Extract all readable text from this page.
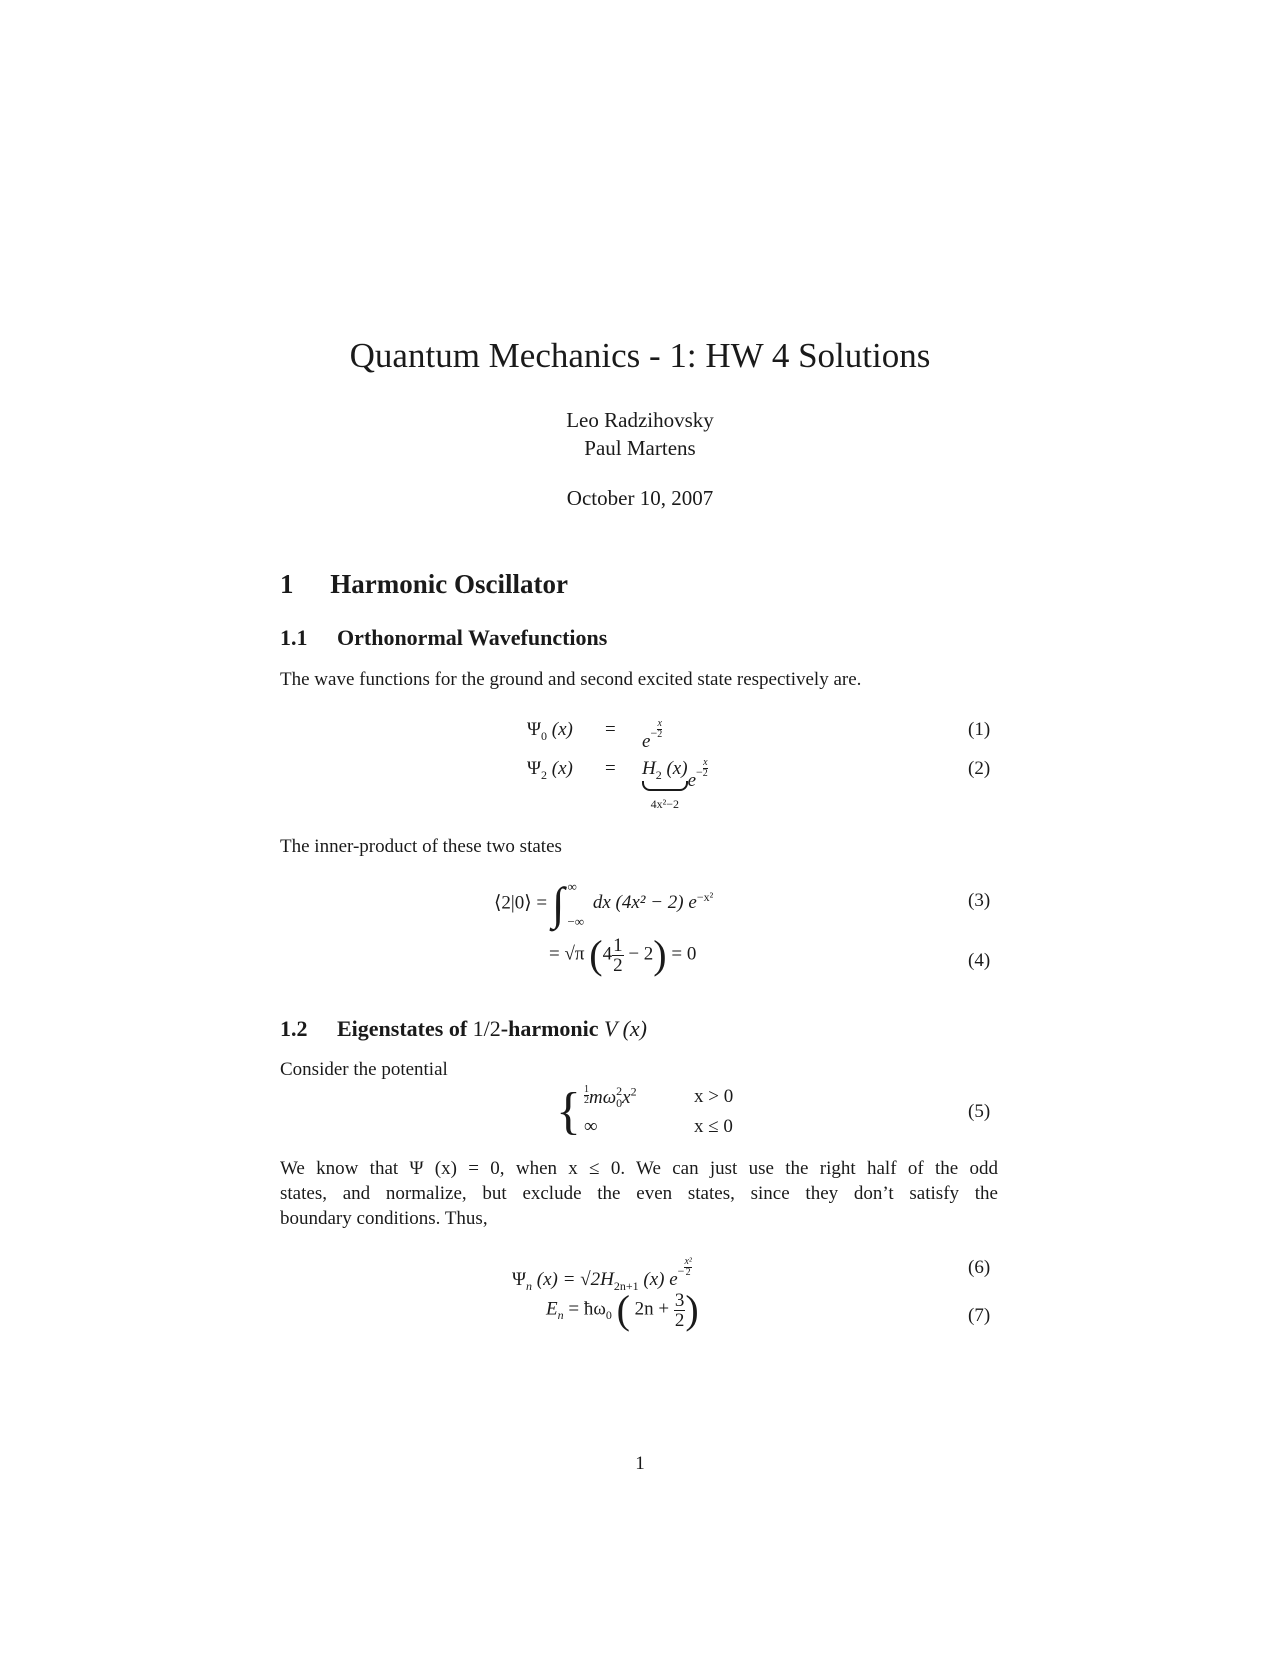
Quantum Mechanics - 1: HW 4 Solutions
Leo Radzihovsky
Paul Martens
October 10, 2007
1 Harmonic Oscillator
1.1 Orthonormal Wavefunctions
The wave functions for the ground and second excited state respectively are.
$\Psi_0$ (x) =
$e^- \frac{x}{2}$	(1)
$\Psi_2$ $(x) = H_2$ (x)
4x²−2
$e^- \frac{x}{2}$	(2)
The inner-product of these two states
⟨2|0⟩ = ∫ ∞
−∞
dx (4x² − 2) $e^{-x^2}$	(3)
= √π $(4 \frac{1}{2} - 2) = 0$	(4)
1.2 Eigenstates of 1/2-harmonic V (x)
Consider the potential
{ $\frac{1}{2}$ mω 2
0 $x^2$	x > 0
∞	x ≤ 0
(5)
We know that Ψ (x) = 0, when x ≤ 0. We can just use the right half of the odd
states, and normalize, but exclude the even states, since they don’t satisfy the
boundary conditions. Thus,
$\Psi_n$ $(x) = √2H_{2n+1}$ (x) $e^- \frac{\text{x²}}{2}$	(6)
$E_n$ = $ħ\omega_0$ ( $2n + \frac{3}{2}$ )	(7)
1
